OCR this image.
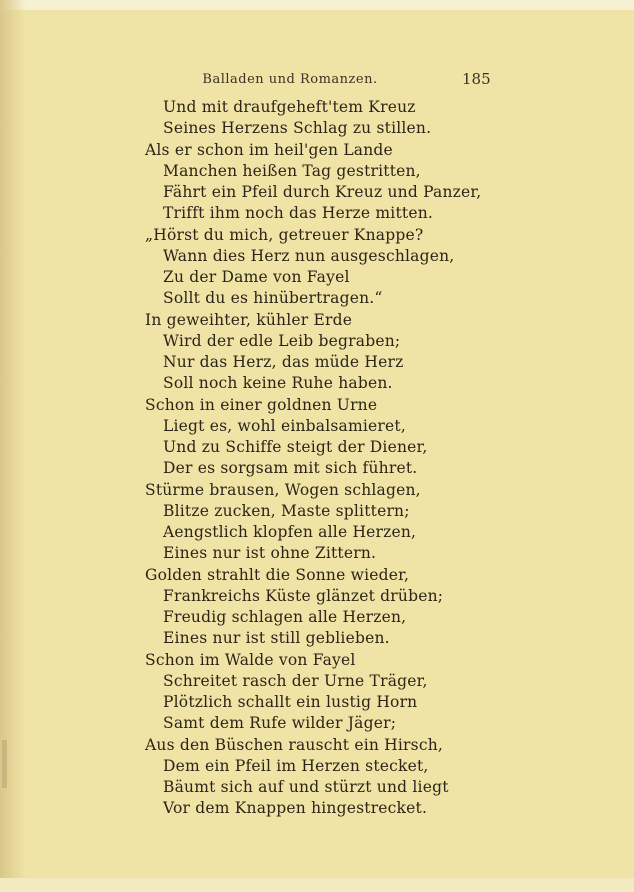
Balladen und Romanzen.	185
Und mit draufgeheft'tem Kreuz
Seines Herzens Schlag zu stillen.
Als er schon im heil'gen Lande
Manchen heißen Tag gestritten,
Fährt ein Pfeil durch Kreuz und Panzer,
Trifft ihm noch das Herze mitten.
„Hörst du mich, getreuer Knappe?
Wann dies Herz nun ausgeschlagen,
Zu der Dame von Fayel
Sollt du es hinübertragen.“
In geweihter, kühler Erde
Wird der edle Leib begraben;
Nur das Herz, das müde Herz
Soll noch keine Ruhe haben.
Schon in einer goldnen Urne
Liegt es, wohl einbalsamieret,
Und zu Schiffe steigt der Diener,
Der es sorgsam mit sich führet.
Stürme brausen, Wogen schlagen,
Blitze zucken, Maste splittern;
Aengstlich klopfen alle Herzen,
Eines nur ist ohne Zittern.
Golden strahlt die Sonne wieder,
Frankreichs Küste glänzet drüben;
Freudig schlagen alle Herzen,
Eines nur ist still geblieben.
Schon im Walde von Fayel
Schreitet rasch der Urne Träger,
Plötzlich schallt ein lustig Horn
Samt dem Rufe wilder Jäger;
Aus den Büschen rauscht ein Hirsch,
Dem ein Pfeil im Herzen stecket,
Bäumt sich auf und stürzt und liegt
Vor dem Knappen hingestrecket.
